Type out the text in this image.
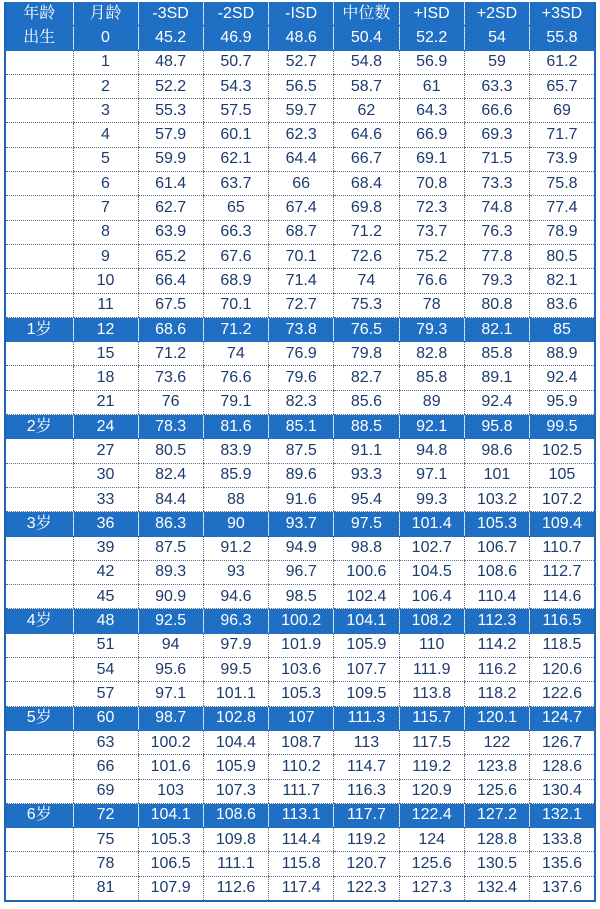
年龄	月龄	-3SD	-2SD	-ISD	中位数	+ISD	+2SD	+3SD
出生	0	45.2	46.9	48.6	50.4	52.2	54	55.8
	1	48.7	50.7	52.7	54.8	56.9	59	61.2
	2	52.2	54.3	56.5	58.7	61	63.3	65.7
	3	55.3	57.5	59.7	62	64.3	66.6	69
	4	57.9	60.1	62.3	64.6	66.9	69.3	71.7
	5	59.9	62.1	64.4	66.7	69.1	71.5	73.9
	6	61.4	63.7	66	68.4	70.8	73.3	75.8
	7	62.7	65	67.4	69.8	72.3	74.8	77.4
	8	63.9	66.3	68.7	71.2	73.7	76.3	78.9
	9	65.2	67.6	70.1	72.6	75.2	77.8	80.5
	10	66.4	68.9	71.4	74	76.6	79.3	82.1
	11	67.5	70.1	72.7	75.3	78	80.8	83.6
1岁	12	68.6	71.2	73.8	76.5	79.3	82.1	85
	15	71.2	74	76.9	79.8	82.8	85.8	88.9
	18	73.6	76.6	79.6	82.7	85.8	89.1	92.4
	21	76	79.1	82.3	85.6	89	92.4	95.9
2岁	24	78.3	81.6	85.1	88.5	92.1	95.8	99.5
	27	80.5	83.9	87.5	91.1	94.8	98.6	102.5
	30	82.4	85.9	89.6	93.3	97.1	101	105
	33	84.4	88	91.6	95.4	99.3	103.2	107.2
3岁	36	86.3	90	93.7	97.5	101.4	105.3	109.4
	39	87.5	91.2	94.9	98.8	102.7	106.7	110.7
	42	89.3	93	96.7	100.6	104.5	108.6	112.7
	45	90.9	94.6	98.5	102.4	106.4	110.4	114.6
4岁	48	92.5	96.3	100.2	104.1	108.2	112.3	116.5
	51	94	97.9	101.9	105.9	110	114.2	118.5
	54	95.6	99.5	103.6	107.7	111.9	116.2	120.6
	57	97.1	101.1	105.3	109.5	113.8	118.2	122.6
5岁	60	98.7	102.8	107	111.3	115.7	120.1	124.7
	63	100.2	104.4	108.7	113	117.5	122	126.7
	66	101.6	105.9	110.2	114.7	119.2	123.8	128.6
	69	103	107.3	111.7	116.3	120.9	125.6	130.4
6岁	72	104.1	108.6	113.1	117.7	122.4	127.2	132.1
	75	105.3	109.8	114.4	119.2	124	128.8	133.8
	78	106.5	111.1	115.8	120.7	125.6	130.5	135.6
	81	107.9	112.6	117.4	122.3	127.3	132.4	137.6
